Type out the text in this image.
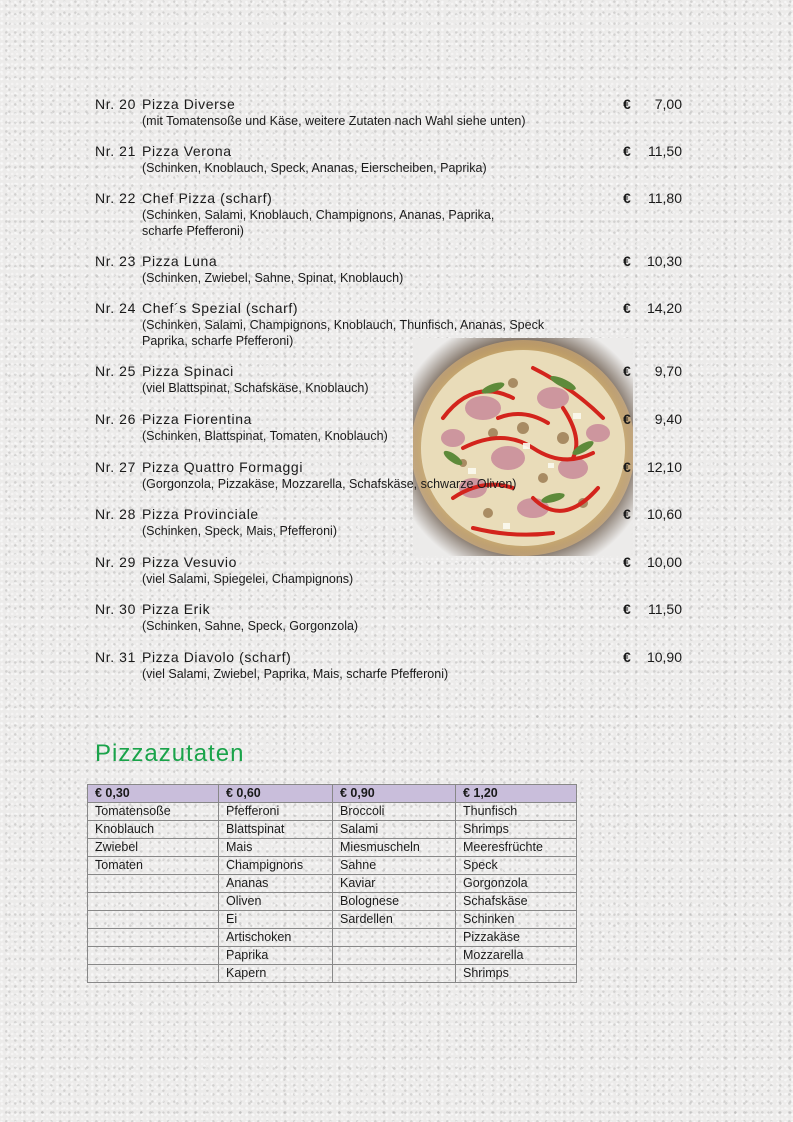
Nr. 20 Pizza Diverse	€ 7,00
(mit Tomatensoße und Käse, weitere Zutaten nach Wahl siehe unten)
Nr. 21 Pizza Verona	€ 11,50
(Schinken, Knoblauch, Speck, Ananas, Eierscheiben, Paprika)
Nr. 22 Chef Pizza (scharf)	€ 11,80
(Schinken, Salami, Knoblauch, Champignons, Ananas, Paprika,
scharfe Pfefferoni)
Nr. 23 Pizza Luna	€ 10,30
(Schinken, Zwiebel, Sahne, Spinat, Knoblauch)
Nr. 24 Chef´s Spezial (scharf)	€ 14,20
(Schinken, Salami, Champignons, Knoblauch, Thunfisch, Ananas, Speck
Paprika, scharfe Pfefferoni)
Nr. 25 Pizza Spinaci	€ 9,70
(viel Blattspinat, Schafskäse, Knoblauch)
Nr. 26 Pizza Fiorentina	€ 9,40
(Schinken, Blattspinat, Tomaten, Knoblauch)
Nr. 27 Pizza Quattro Formaggi	€ 12,10
(Gorgonzola, Pizzakäse, Mozzarella, Schafskäse, schwarze Oliven)
Nr. 28 Pizza Provinciale	€ 10,60
(Schinken, Speck, Mais, Pfefferoni)
Nr. 29 Pizza Vesuvio	€ 10,00
(viel Salami, Spiegelei, Champignons)
Nr. 30 Pizza Erik	€ 11,50
(Schinken, Sahne, Speck, Gorgonzola)
Nr. 31 Pizza Diavolo (scharf)	€ 10,90
(viel Salami, Zwiebel, Paprika, Mais, scharfe Pfefferoni)
Pizzazutaten
€ 0,30	€ 0,60	€ 0,90	€ 1,20
Tomatensoße	Pfefferoni	Broccoli	Thunfisch
Knoblauch	Blattspinat	Salami	Shrimps
Zwiebel	Mais	Miesmuscheln	Meeresfrüchte
Tomaten	Champignons	Sahne	Speck
	Ananas	Kaviar	Gorgonzola
	Oliven	Bolognese	Schafskäse
	Ei	Sardellen	Schinken
	Artischoken		Pizzakäse
	Paprika		Mozzarella
	Kapern		Shrimps
